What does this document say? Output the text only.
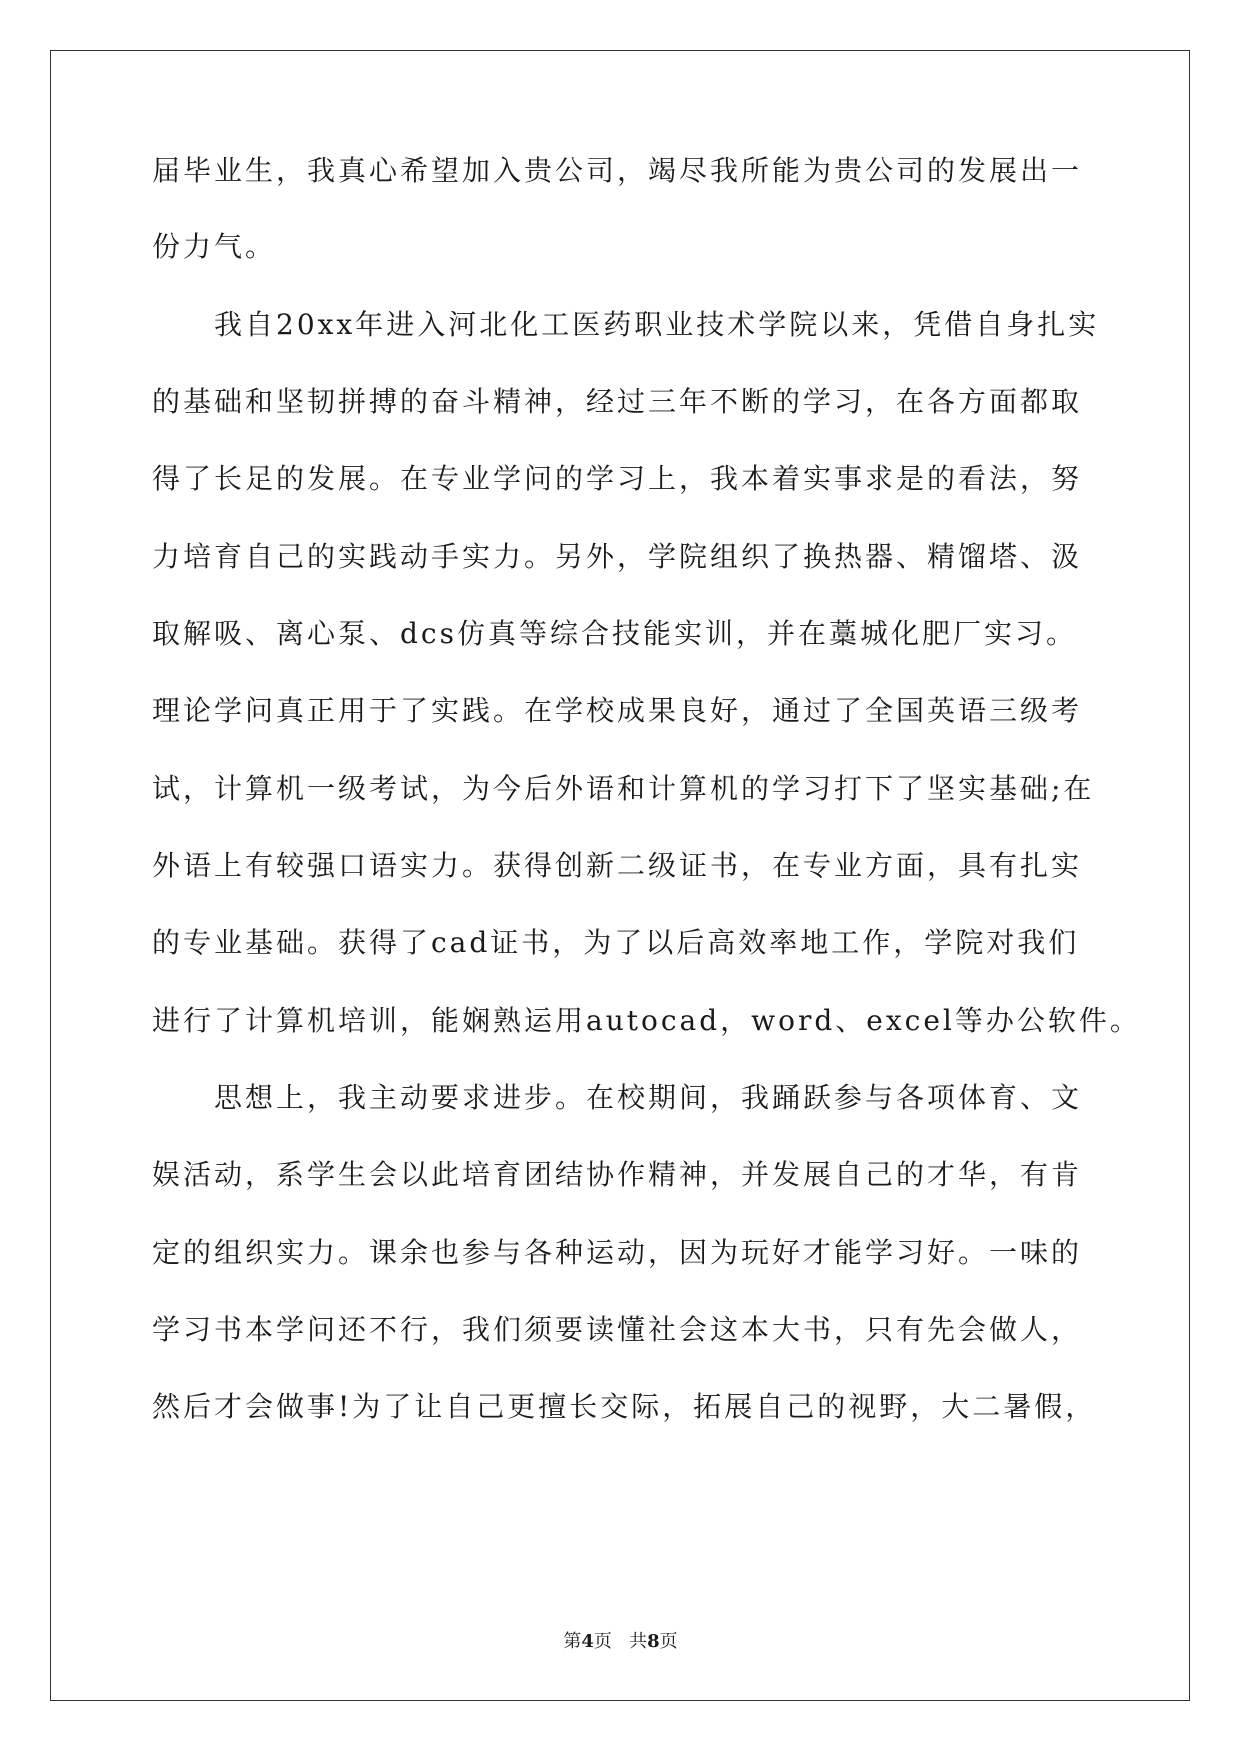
届毕业生，我真心希望加入贵公司，竭尽我所能为贵公司的发展出一
份力气。
　　我自20xx年进入河北化工医药职业技术学院以来，凭借自身扎实
的基础和坚韧拼搏的奋斗精神，经过三年不断的学习，在各方面都取
得了长足的发展。在专业学问的学习上，我本着实事求是的看法，努
力培育自己的实践动手实力。另外，学院组织了换热器、精馏塔、汲
取解吸、离心泵、dcs仿真等综合技能实训，并在藁城化肥厂实习。
理论学问真正用于了实践。在学校成果良好，通过了全国英语三级考
试，计算机一级考试，为今后外语和计算机的学习打下了坚实基础;在
外语上有较强口语实力。获得创新二级证书，在专业方面，具有扎实
的专业基础。获得了cad证书，为了以后高效率地工作，学院对我们
进行了计算机培训，能娴熟运用autocad，word、excel等办公软件。
　　思想上，我主动要求进步。在校期间，我踊跃参与各项体育、文
娱活动，系学生会以此培育团结协作精神，并发展自己的才华，有肯
定的组织实力。课余也参与各种运动，因为玩好才能学习好。一味的
学习书本学问还不行，我们须要读懂社会这本大书，只有先会做人，
然后才会做事!为了让自己更擅长交际，拓展自己的视野，大二暑假，
第4页 共8页
